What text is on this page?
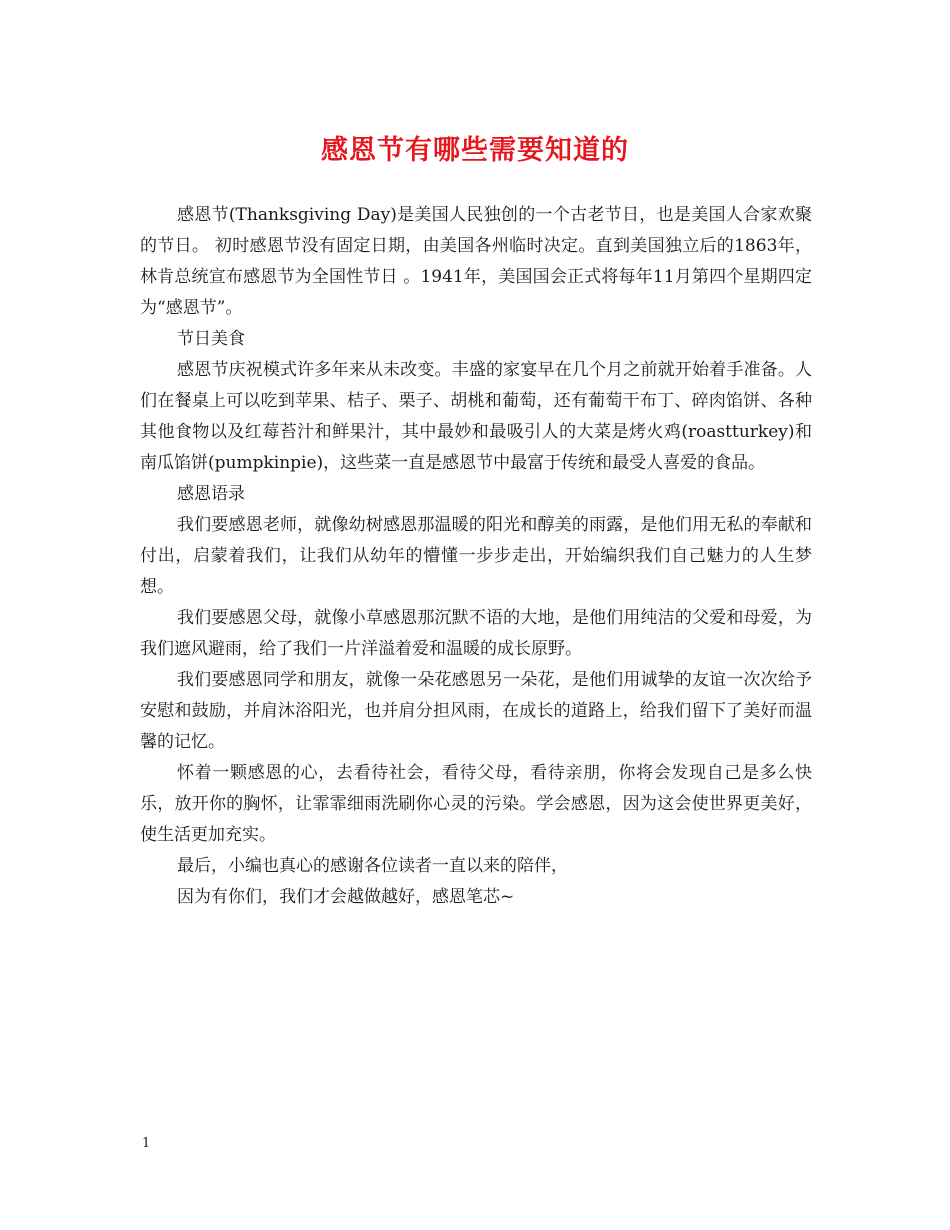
感恩节有哪些需要知道的

感恩节(Thanksgiving Day)是美国人民独创的一个古老节日，也是美国人合家欢聚的节日。 初时感恩节没有固定日期，由美国各州临时决定。直到美国独立后的1863年，林肯总统宣布感恩节为全国性节日 。1941年，美国国会正式将每年11月第四个星期四定为“感恩节”。

节日美食

感恩节庆祝模式许多年来从未改变。丰盛的家宴早在几个月之前就开始着手准备。人们在餐桌上可以吃到苹果、桔子、栗子、胡桃和葡萄，还有葡萄干布丁、碎肉馅饼、各种其他食物以及红莓苔汁和鲜果汁，其中最妙和最吸引人的大菜是烤火鸡(roastturkey)和南瓜馅饼(pumpkinpie)，这些菜一直是感恩节中最富于传统和最受人喜爱的食品。

感恩语录

我们要感恩老师，就像幼树感恩那温暖的阳光和醇美的雨露，是他们用无私的奉献和付出，启蒙着我们，让我们从幼年的懵懂一步步走出，开始编织我们自己魅力的人生梦想。

我们要感恩父母，就像小草感恩那沉默不语的大地，是他们用纯洁的父爱和母爱，为我们遮风避雨，给了我们一片洋溢着爱和温暖的成长原野。

我们要感恩同学和朋友，就像一朵花感恩另一朵花，是他们用诚挚的友谊一次次给予安慰和鼓励，并肩沐浴阳光，也并肩分担风雨，在成长的道路上，给我们留下了美好而温馨的记忆。

怀着一颗感恩的心，去看待社会，看待父母，看待亲朋，你将会发现自己是多么快乐，放开你的胸怀，让霏霏细雨洗刷你心灵的污染。学会感恩，因为这会使世界更美好，使生活更加充实。

最后，小编也真心的感谢各位读者一直以来的陪伴，

因为有你们，我们才会越做越好，感恩笔芯~

1
